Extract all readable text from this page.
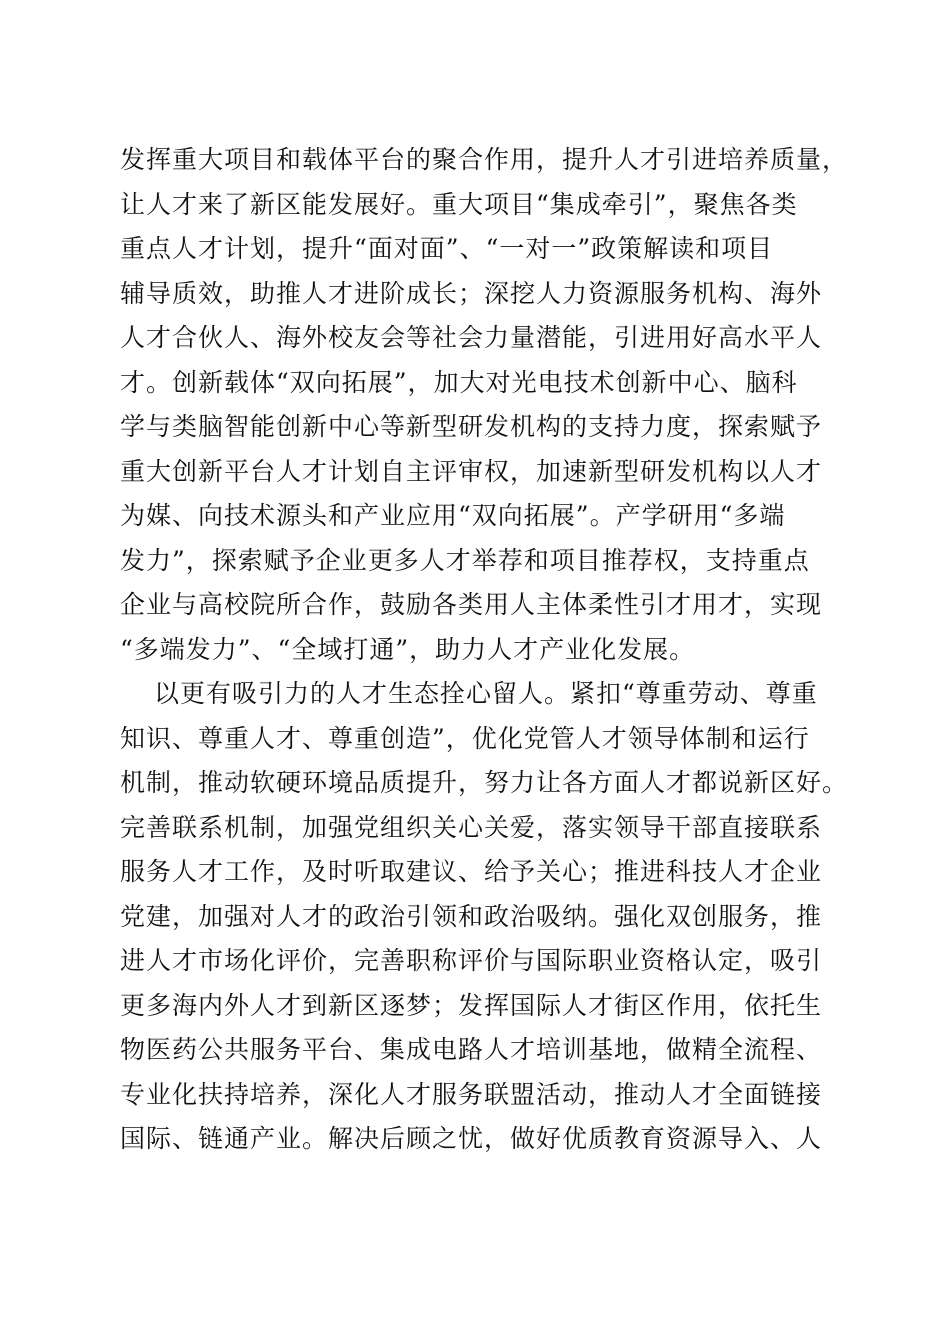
发挥重大项目和载体平台的聚合作用，提升人才引进培养质量，
让人才来了新区能发展好。重大项目“集成牵引”，聚焦各类
重点人才计划，提升“面对面”、“一对一”政策解读和项目
辅导质效，助推人才进阶成长；深挖人力资源服务机构、海外
人才合伙人、海外校友会等社会力量潜能，引进用好高水平人
才。创新载体“双向拓展”，加大对光电技术创新中心、脑科
学与类脑智能创新中心等新型研发机构的支持力度，探索赋予
重大创新平台人才计划自主评审权，加速新型研发机构以人才
为媒、向技术源头和产业应用“双向拓展”。产学研用“多端
发力”，探索赋予企业更多人才举荐和项目推荐权，支持重点
企业与高校院所合作，鼓励各类用人主体柔性引才用才，实现
“多端发力”、“全域打通”，助力人才产业化发展。
以更有吸引力的人才生态拴心留人。紧扣“尊重劳动、尊重
知识、尊重人才、尊重创造”，优化党管人才领导体制和运行
机制，推动软硬环境品质提升，努力让各方面人才都说新区好。
完善联系机制，加强党组织关心关爱，落实领导干部直接联系
服务人才工作，及时听取建议、给予关心；推进科技人才企业
党建，加强对人才的政治引领和政治吸纳。强化双创服务，推
进人才市场化评价，完善职称评价与国际职业资格认定，吸引
更多海内外人才到新区逐梦；发挥国际人才街区作用，依托生
物医药公共服务平台、集成电路人才培训基地，做精全流程、
专业化扶持培养，深化人才服务联盟活动，推动人才全面链接
国际、链通产业。解决后顾之忧，做好优质教育资源导入、人
